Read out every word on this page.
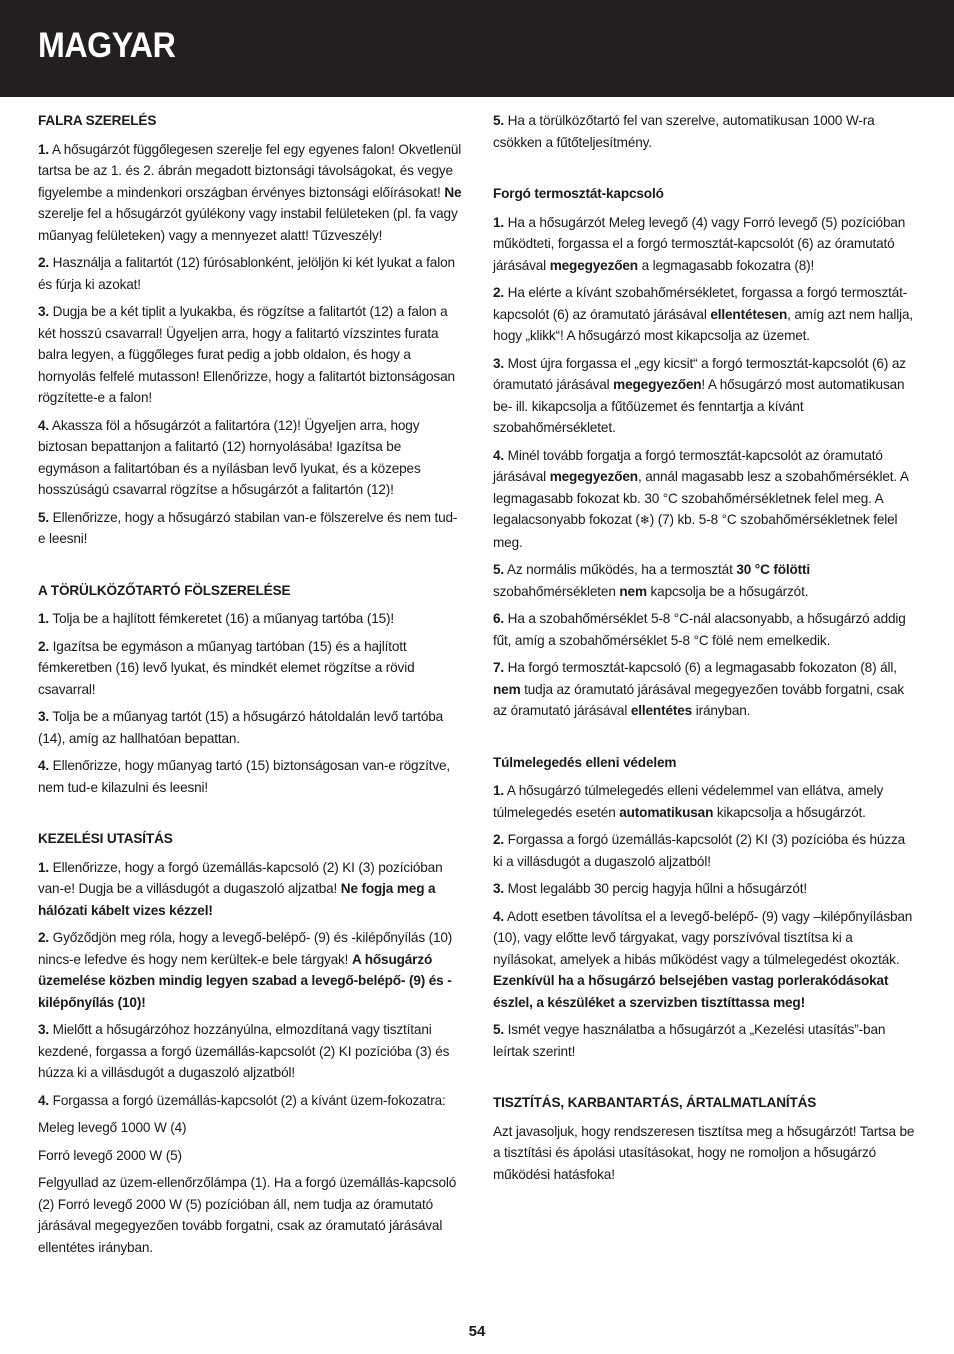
MAGYAR
FALRA SZERELÉS

1. A hősugárzót függőlegesen szerelje fel egy egyenes falon! Okvetlenül tartsa be az 1. és 2. ábrán megadott biztonsági távolságokat, és vegye figyelembe a mindenkori országban érvényes biztonsági előírásokat! Ne szerelje fel a hősugárzót gyúlékony vagy instabil felületeken (pl. fa vagy műanyag felületeken) vagy a mennyezet alatt! Tűzveszély!

2. Használja a falitartót (12) fúrósablonként, jelöljön ki két lyukat a falon és fúrja ki azokat!

3. Dugja be a két tiplit a lyukakba, és rögzítse a falitartót (12) a falon a két hosszú csavarral! Ügyeljen arra, hogy a falitartó vízszintes furata balra legyen, a függőleges furat pedig a jobb oldalon, és hogy a hornyolás felfelé mutasson! Ellenőrizze, hogy a falitartót biztonságosan rögzítette-e a falon!

4. Akassza föl a hősugárzót a falitartóra (12)! Ügyeljen arra, hogy biztosan bepattanjon a falitartó (12) hornyolásába! Igazítsa be egymáson a falitartóban és a nyílásban levő lyukat, és a közepes hosszúságú csavarral rögzítse a hősugárzót a falitartón (12)!

5. Ellenőrizze, hogy a hősugárzó stabilan van-e fölszerelve és nem tud-e leesni!

A TÖRÜLKÖZŐTARTÓ FÖLSZERELÉSE

1. Tolja be a hajlított fémkeretet (16) a műanyag tartóba (15)!

2. Igazítsa be egymáson a műanyag tartóban (15) és a hajlított fémkeretben (16) levő lyukat, és mindkét elemet rögzítse a rövid csavarral!

3. Tolja be a műanyag tartót (15) a hősugárzó hátoldalán levő tartóba (14), amíg az hallhatóan bepattan.

4. Ellenőrizze, hogy műanyag tartó (15) biztonságosan van-e rögzítve, nem tud-e kilazulni és leesni!

KEZELÉSI UTASÍTÁS

1. Ellenőrizze, hogy a forgó üzemállás-kapcsoló (2) KI (3) pozícióban van-e! Dugja be a villásdugót a dugaszoló aljzatba! Ne fogja meg a hálózati kábelt vizes kézzel!

2. Győződjön meg róla, hogy a levegő-belépő- (9) és -kilépőnyílás (10) nincs-e lefedve és hogy nem kerültek-e bele tárgyak! A hősugárzó üzemelése közben mindig legyen szabad a levegő-belépő- (9) és -kilépőnyílás (10)!

3. Mielőtt a hősugárzóhoz hozzányúlna, elmozdítaná vagy tisztítani kezdené, forgassa a forgó üzemállás-kapcsolót (2) KI pozícióba (3) és húzza ki a villásdugót a dugaszoló aljzatból!

4. Forgassa a forgó üzemállás-kapcsolót (2) a kívánt üzem-fokozatra:

Meleg levegő 1000 W (4)

Forró levegő 2000 W (5)

Felgyullad az üzem-ellenőrzőlámpa (1). Ha a forgó üzemállás-kapcsoló (2) Forró levegő 2000 W (5) pozícióban áll, nem tudja az óramutató járásával megegyezően tovább forgatni, csak az óramutató járásával ellentétes irányban.

5. Ha a törülközőtartó fel van szerelve, automatikusan 1000 W-ra csökken a fűtőteljesítmény.

Forgó termosztát-kapcsoló

1. Ha a hősugárzót Meleg levegő (4) vagy Forró levegő (5) pozícióban működteti, forgassa el a forgó termosztát-kapcsolót (6) az óramutató járásával megegyezően a legmagasabb fokozatra (8)!

2. Ha elérte a kívánt szobahőmérsékletet, forgassa a forgó termosztát-kapcsolót (6) az óramutató járásával ellentétesen, amíg azt nem hallja, hogy „klikk“! A hősugárzó most kikapcsolja az üzemet.

3. Most újra forgassa el „egy kicsit“ a forgó termosztát-kapcsolót (6) az óramutató járásával megegyezően! A hősugárzó most automatikusan be- ill. kikapcsolja a fűtőüzemet és fenntartja a kívánt szobahőmérsékletet.

4. Minél tovább forgatja a forgó termosztát-kapcsolót az óramutató járásával megegyezően, annál magasabb lesz a szobahőmérséklet. A legmagasabb fokozat kb. 30 °C szobahőmérsékletnek felel meg. A legalacsonyabb fokozat (❄) (7) kb. 5-8 °C szobahőmérsékletnek felel meg.

5. Az normális működés, ha a termosztát 30 °C fölötti szobahőmérsékleten nem kapcsolja be a hősugárzót.

6. Ha a szobahőmérséklet 5-8 °C-nál alacsonyabb, a hősugárzó addig fűt, amíg a szobahőmérséklet 5-8 °C fölé nem emelkedik.

7. Ha forgó termosztát-kapcsoló (6) a legmagasabb fokozaton (8) áll, nem tudja az óramutató járásával megegyezően tovább forgatni, csak az óramutató járásával ellentétes irányban.

Túlmelegedés elleni védelem

1. A hősugárzó túlmelegedés elleni védelemmel van ellátva, amely túlmelegedés esetén automatikusan kikapcsolja a hősugárzót.

2. Forgassa a forgó üzemállás-kapcsolót (2) KI (3) pozícióba és húzza ki a villásdugót a dugaszoló aljzatból!

3. Most legalább 30 percig hagyja hűlni a hősugárzót!

4. Adott esetben távolítsa el a levegő-belépő- (9) vagy –kilépőnyílásban (10), vagy előtte levő tárgyakat, vagy porszívóval tisztítsa ki a nyílásokat, amelyek a hibás működést vagy a túlmelegedést okozták. Ezenkívül ha a hősugárzó belsejében vastag porlerakódásokat észlel, a készüléket a szervizben tisztíttassa meg!

5. Ismét vegye használatba a hősugárzót a „Kezelési utasítás”-ban leírtak szerint!

TISZTÍTÁS, KARBANTARTÁS, ÁRTALMATLANÍTÁS

Azt javasoljuk, hogy rendszeresen tisztítsa meg a hősugárzót! Tartsa be a tisztítási és ápolási utasításokat, hogy ne romoljon a hősugárzó működési hatásfoka!

54
